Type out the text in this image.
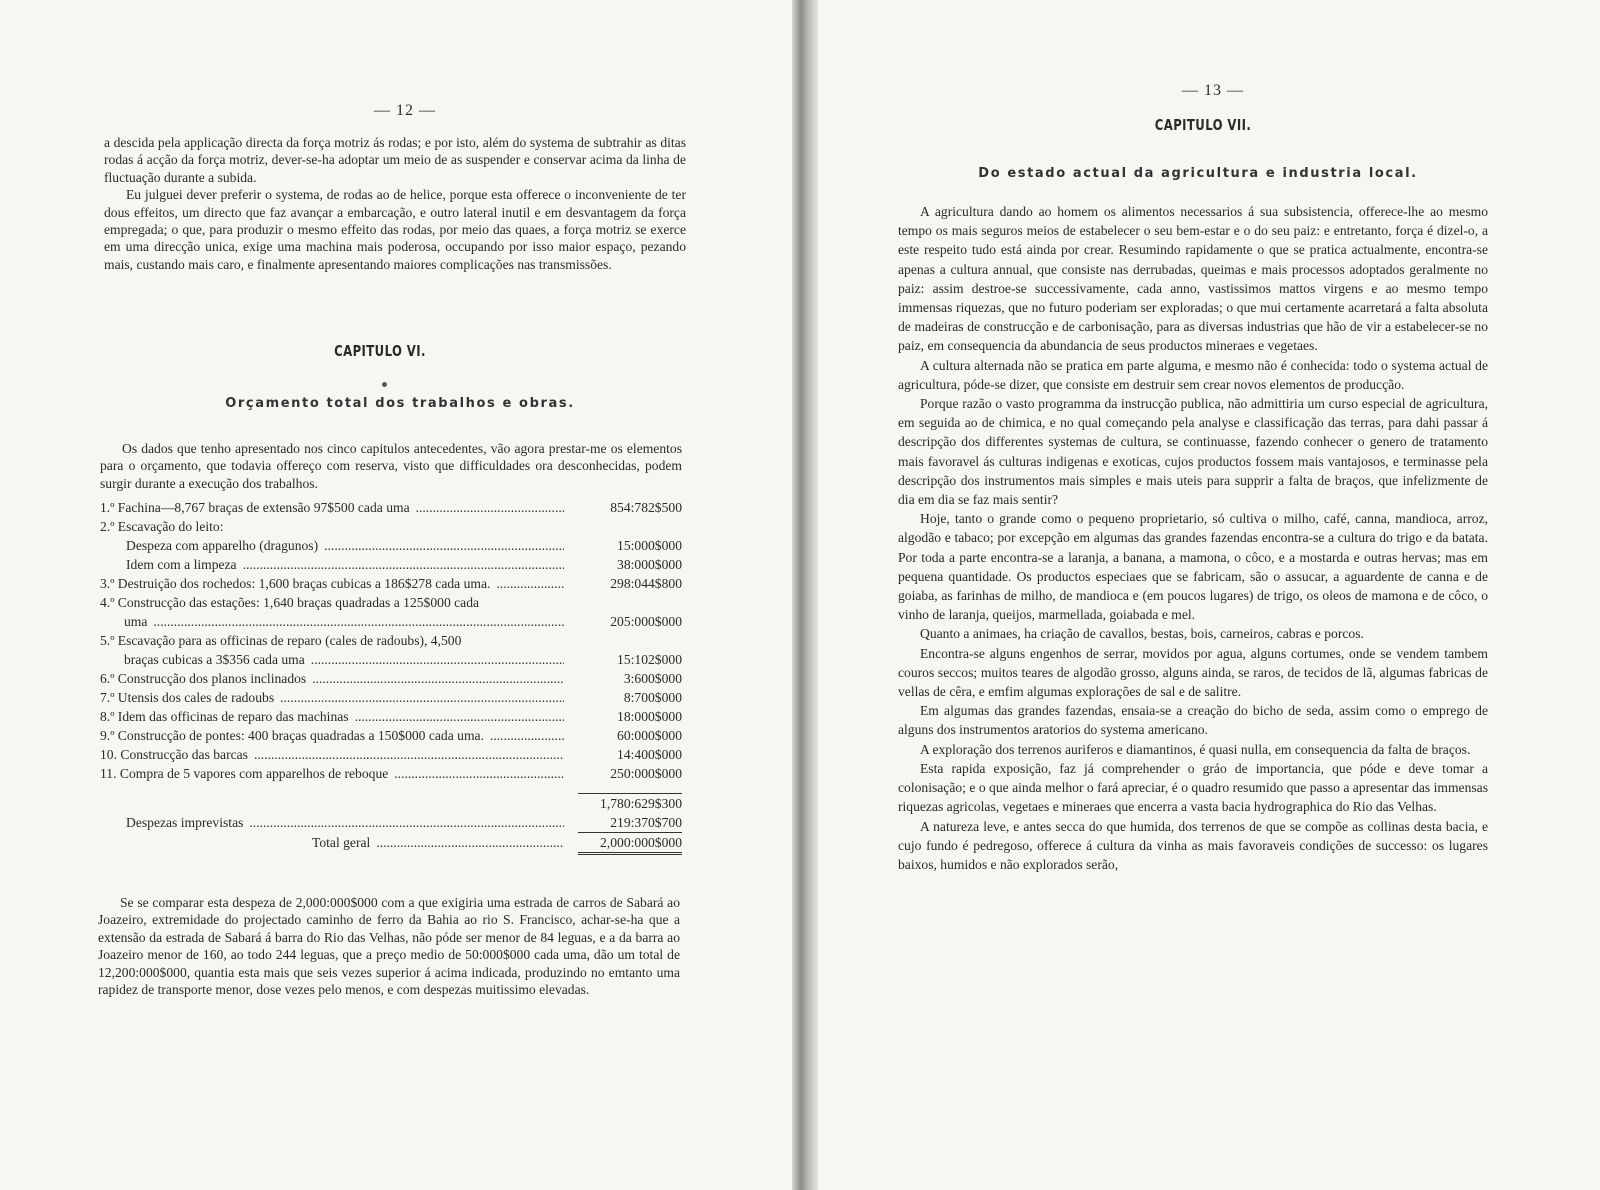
— 12 —

a descida pela applicação directa da força motriz ás rodas; e por isto, além do systema de subtrahir as ditas rodas á acção da força motriz, dever-se-ha adoptar um meio de as suspender e conservar acima da linha de fluctuação durante a subida.

Eu julguei dever preferir o systema, de rodas ao de helice, porque esta offerece o inconveniente de ter dous effeitos, um directo que faz avançar a embarcação, e outro lateral inutil e em desvantagem da força empregada; o que, para produzir o mesmo effeito das rodas, por meio das quaes, a força motriz se exerce em uma direcção unica, exige uma machina mais poderosa, occupando por isso maior espaço, pezando mais, custando mais caro, e finalmente apresentando maiores complicações nas transmissões.

CAPITULO VI.
Orçamento total dos trabalhos e obras.

Os dados que tenho apresentado nos cinco capitulos antecedentes, vão agora prestar-me os elementos para o orçamento, que todavia offereço com reserva, visto que difficuldades ora desconhecidas, podem surgir durante a execução dos trabalhos.

1.º Fachina—8,767 braças de extensão 97$500 cada uma .....	854:782$500
2.º Escavação do leito:
Despeza com apparelho (dragunos) .....	15:000$000
Idem com a limpeza .....	38:000$000
3.º Destruição dos rochedos: 1,600 braças cubicas a 186$278 cada uma. .....	298:044$800
4.º Construcção das estações: 1,640 braças quadradas a 125$000 cada
uma .....	205:000$000
5.º Escavação para as officinas de reparo (cales de radoubs), 4,500
braças cubicas a 3$356 cada uma .....	15:102$000
6.º Construcção dos planos inclinados .....	3:600$000
7.º Utensis dos cales de radoubs .....	8:700$000
8.º Idem das officinas de reparo das machinas .....	18:000$000
9.º Construcção de pontes: 400 braças quadradas a 150$000 cada uma. .....	60:000$000
10. Construcção das barcas .....	14:400$000
11. Compra de 5 vapores com apparelhos de reboque .....	250:000$000
1,780:629$300
Despezas imprevistas .....	219:370$700
Total geral .....	2,000:000$000

Se se comparar esta despeza de 2,000:000$000 com a que exigiria uma estrada de carros de Sabará ao Joazeiro, extremidade do projectado caminho de ferro da Bahia ao rio S. Francisco, achar-se-ha que a extensão da estrada de Sabará á barra do Rio das Velhas, não póde ser menor de 84 leguas, e a da barra ao Joazeiro menor de 160, ao todo 244 leguas, que a preço medio de 50:000$000 cada uma, dão um total de 12,200:000$000, quantia esta mais que seis vezes superior á acima indicada, produzindo no emtanto uma rapidez de transporte menor, dose vezes pelo menos, e com despezas muitissimo elevadas.

— 13 —
CAPITULO VII.
Do estado actual da agricultura e industria local.

A agricultura dando ao homem os alimentos necessarios á sua subsistencia, offerece-lhe ao mesmo tempo os mais seguros meios de estabelecer o seu bem-estar e o do seu paiz: e entretanto, força é dizel-o, a este respeito tudo está ainda por crear. Resumindo rapidamente o que se pratica actualmente, encontra-se apenas a cultura annual, que consiste nas derrubadas, queimas e mais processos adoptados geralmente no paiz: assim destroe-se successivamente, cada anno, vastissimos mattos virgens e ao mesmo tempo immensas riquezas, que no futuro poderiam ser exploradas; o que mui certamente acarretará a falta absoluta de madeiras de construcção e de carbonisação, para as diversas industrias que hão de vir a estabelecer-se no paiz, em consequencia da abundancia de seus productos mineraes e vegetaes.

A cultura alternada não se pratica em parte alguma, e mesmo não é conhecida: todo o systema actual de agricultura, póde-se dizer, que consiste em destruir sem crear novos elementos de producção.

Porque razão o vasto programma da instrucção publica, não admittiria um curso especial de agricultura, em seguida ao de chimica, e no qual começando pela analyse e classificação das terras, para dahi passar á descripção dos differentes systemas de cultura, se continuasse, fazendo conhecer o genero de tratamento mais favoravel ás culturas indigenas e exoticas, cujos productos fossem mais vantajosos, e terminasse pela descripção dos instrumentos mais simples e mais uteis para supprir a falta de braços, que infelizmente de dia em dia se faz mais sentir?

Hoje, tanto o grande como o pequeno proprietario, só cultiva o milho, café, canna, mandioca, arroz, algodão e tabaco; por excepção em algumas das grandes fazendas encontra-se a cultura do trigo e da batata. Por toda a parte encontra-se a laranja, a banana, a mamona, o côco, e a mostarda e outras hervas; mas em pequena quantidade. Os productos especiaes que se fabricam, são o assucar, a aguardente de canna e de goiaba, as farinhas de milho, de mandioca e (em poucos lugares) de trigo, os oleos de mamona e de côco, o vinho de laranja, queijos, marmellada, goiabada e mel.

Quanto a animaes, ha criação de cavallos, bestas, bois, carneiros, cabras e porcos.

Encontra-se alguns engenhos de serrar, movidos por agua, alguns cortumes, onde se vendem tambem couros seccos; muitos teares de algodão grosso, alguns ainda, se raros, de tecidos de lã, algumas fabricas de vellas de cêra, e emfim algumas explorações de sal e de salitre.

Em algumas das grandes fazendas, ensaia-se a creação do bicho de seda, assim como o emprego de alguns dos instrumentos aratorios do systema americano.

A exploração dos terrenos auriferos e diamantinos, é quasi nulla, em consequencia da falta de braços.

Esta rapida exposição, faz já comprehender o gráo de importancia, que póde e deve tomar a colonisação; e o que ainda melhor o fará apreciar, é o quadro resumido que passo a apresentar das immensas riquezas agricolas, vegetaes e mineraes que encerra a vasta bacia hydrographica do Rio das Velhas.

A natureza leve, e antes secca do que humida, dos terrenos de que se compõe as collinas desta bacia, e cujo fundo é pedregoso, offerece á cultura da vinha as mais favoraveis condições de successo: os lugares baixos, humidos e não explorados serão,
